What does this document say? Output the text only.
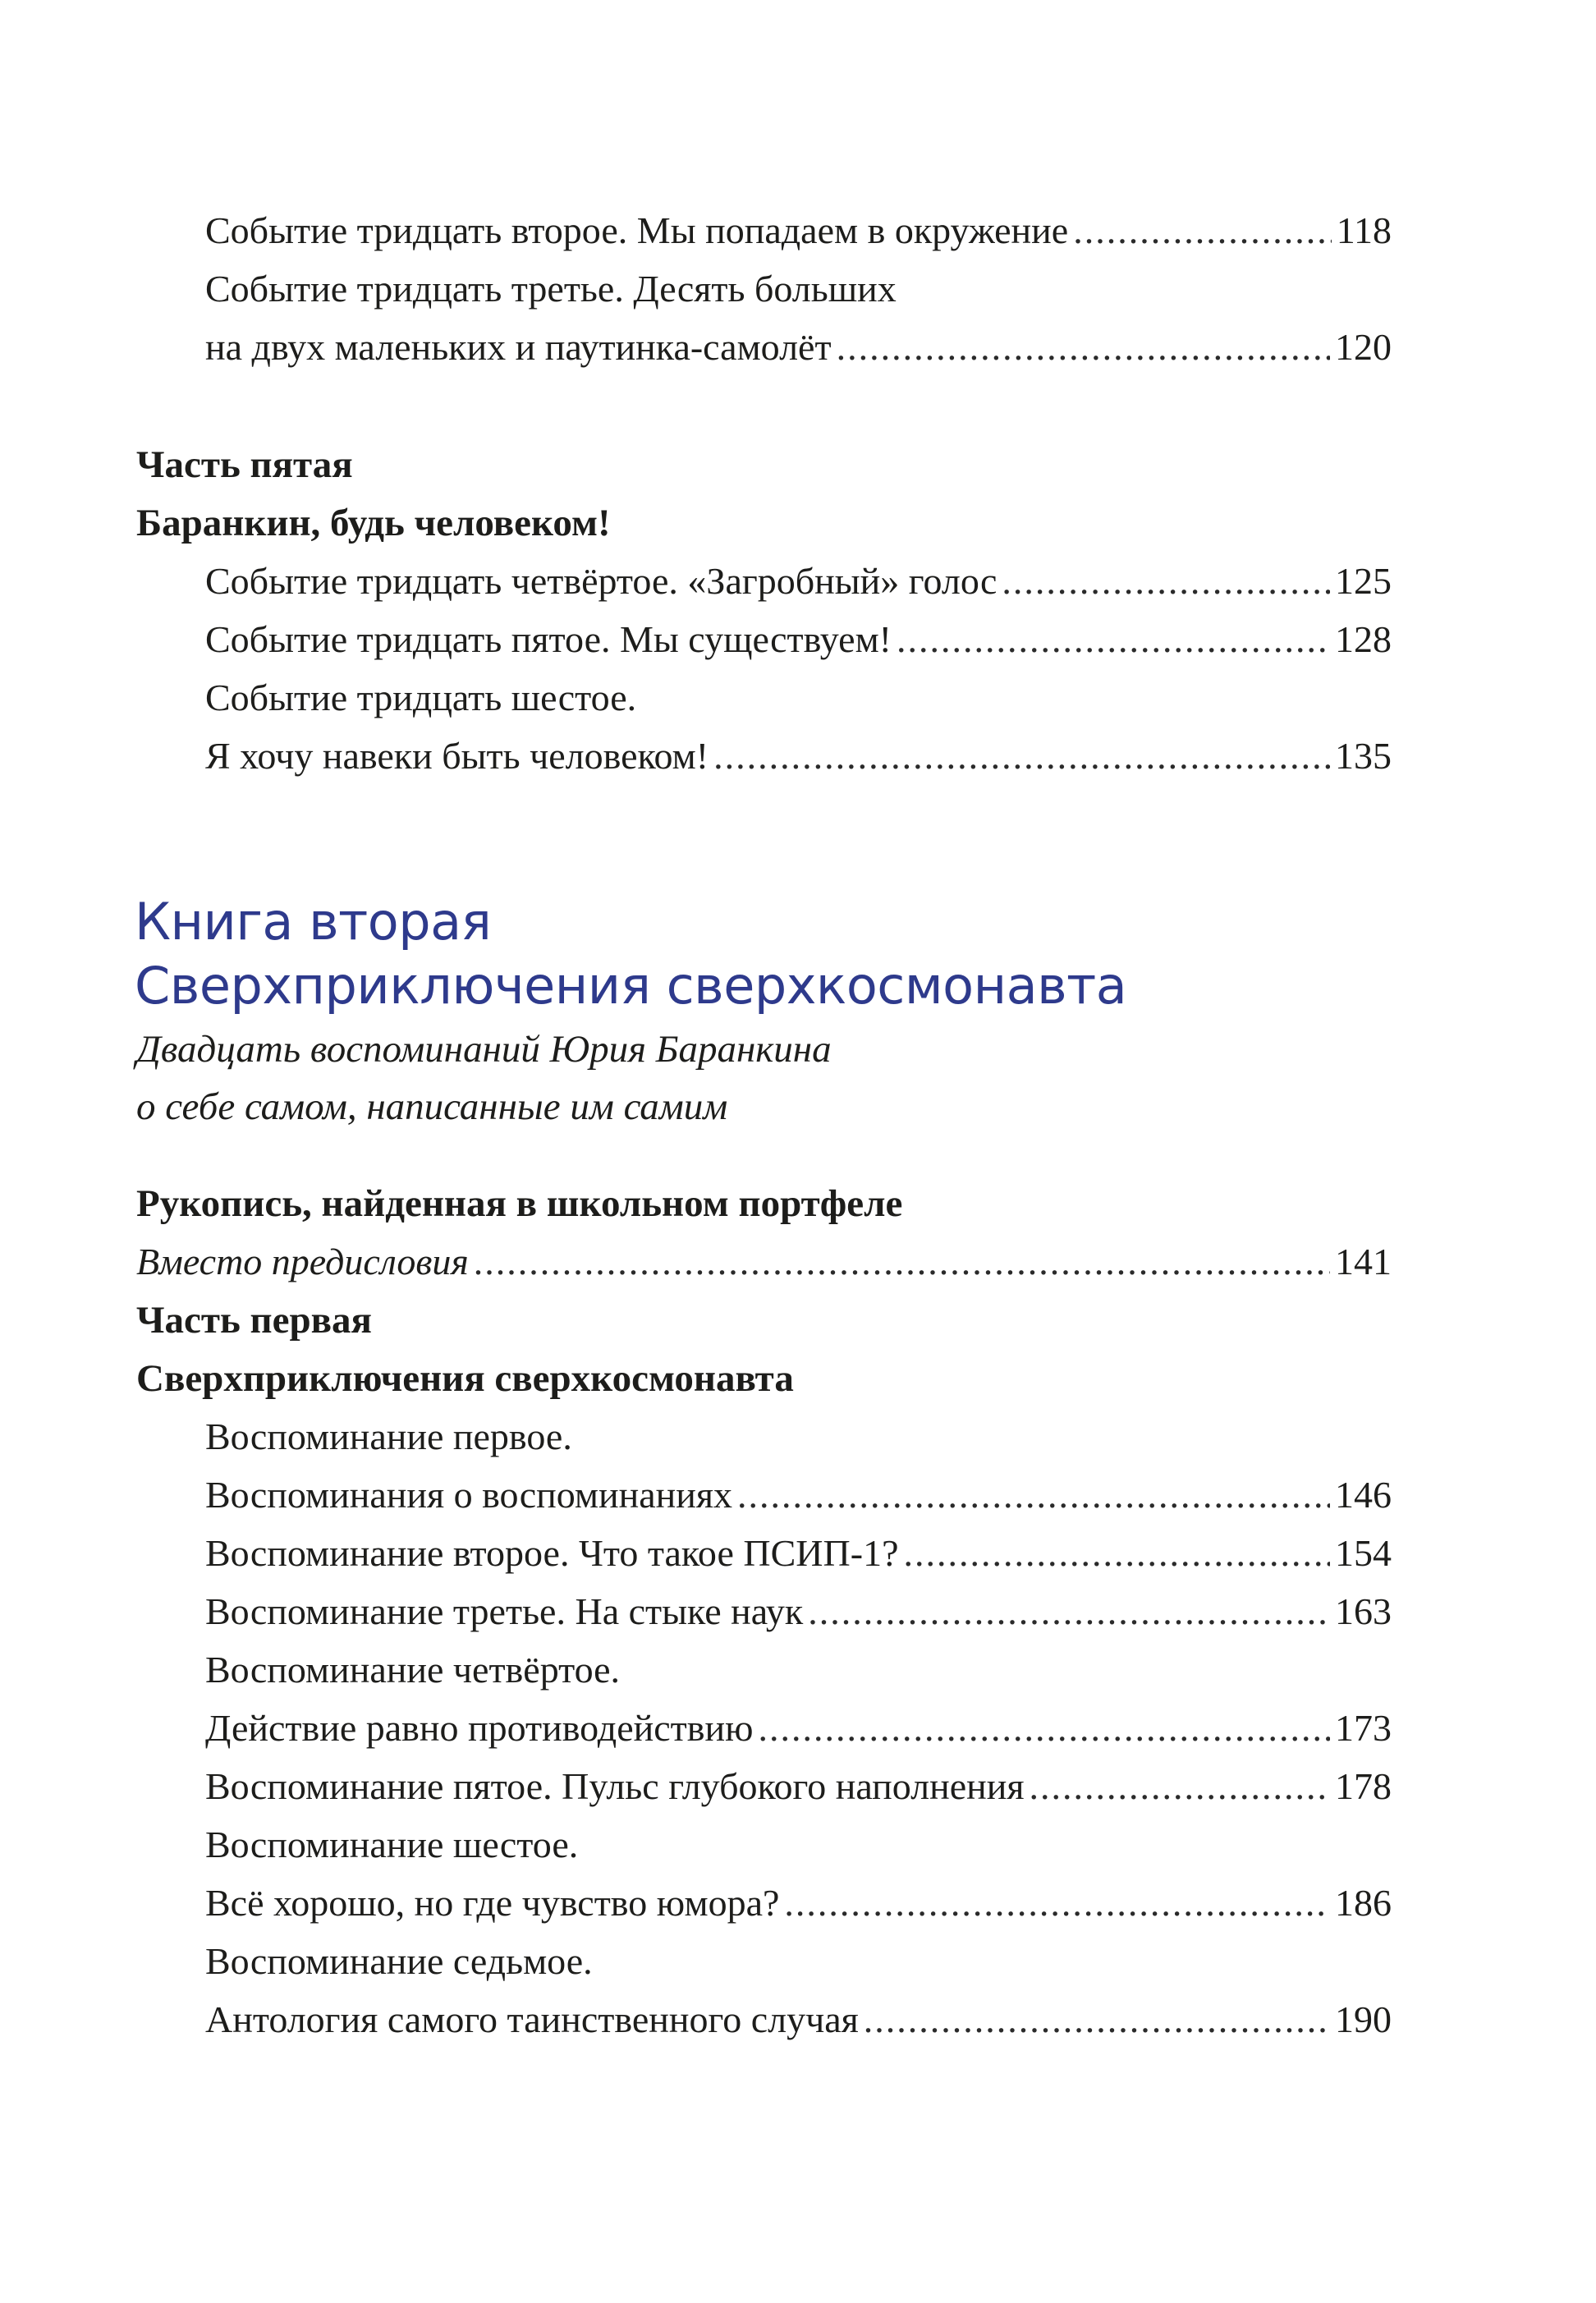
Событие тридцать второе. Мы попадаем в окружение .....	118
Событие тридцать третье. Десять больших
на двух маленьких и паутинка-самолёт .....	120
Часть пятая
Баранкин, будь человеком!
Событие тридцать четвёртое. «Загробный» голос .....	125
Событие тридцать пятое. Мы существуем! .....	128
Событие тридцать шестое.
Я хочу навеки быть человеком! .....	135
Книга вторая
Сверхприключения сверхкосмонавта
Двадцать воспоминаний Юрия Баранкина
о себе самом, написанные им самим
Рукопись, найденная в школьном портфеле
Вместо предисловия .....	141
Часть первая
Сверхприключения сверхкосмонавта
Воспоминание первое.
Воспоминания о воспоминаниях .....	146
Воспоминание второе. Что такое ПСИП-1? .....	154
Воспоминание третье. На стыке наук .....	163
Воспоминание четвёртое.
Действие равно противодействию .....	173
Воспоминание пятое. Пульс глубокого наполнения .....	178
Воспоминание шестое.
Всё хорошо, но где чувство юмора? .....	186
Воспоминание седьмое.
Антология самого таинственного случая .....	190
